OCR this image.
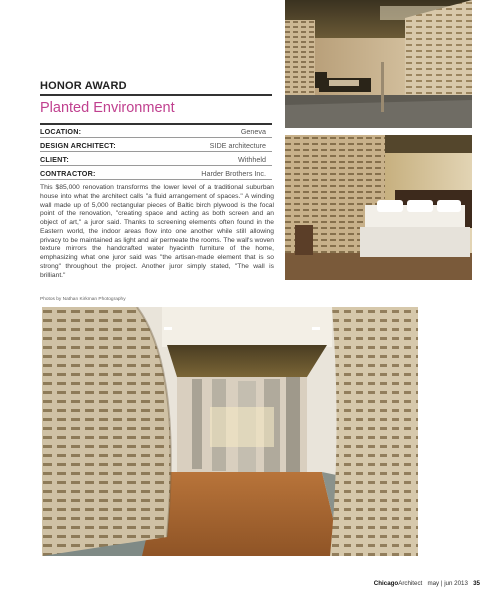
HONOR AWARD
Planted Environment
LOCATION:	Geneva
DESIGN ARCHITECT:	SIDE architecture
CLIENT:	Withheld
CONTRACTOR:	Harder Brothers Inc.

This $85,000 renovation transforms the lower level of a traditional suburban house into what the architect calls "a fluid arrangement of spaces." A winding wall made up of 5,000 rectangular pieces of Baltic birch plywood is the focal point of the renovation, "creating space and acting as both screen and an object of art," a juror said. Thanks to screening elements often found in the Eastern world, the indoor areas flow into one another while still allowing privacy to be maintained as light and air permeate the rooms. The wall's woven texture mirrors the handcrafted water hyacinth furniture of the home, emphasizing what one juror said was "the artisan-made element that is so strong" throughout the project. Another juror simply stated, "The wall is brilliant."

Photos by Nathan Kirkman Photography
ChicagoArchitect may | jun 2013 35
